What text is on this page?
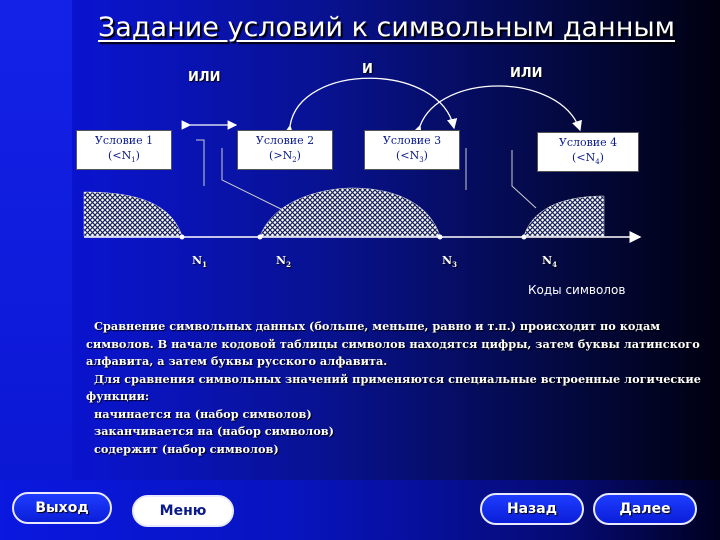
Задание условий к символьным данным
ИЛИ
И	ИЛИ
Условие 1
$(<N_1)$
Условие 2
$(>N_2)$
Условие 3
$(<N_3)$
Условие 4
$(<N_4)$
$N_1$	$N_2$	$N_3$	$N_4$
Коды символов

Сравнение символьных данных (больше, меньше, равно и т.п.) происходит по кодам символов. В начале кодовой таблицы символов находятся цифры, затем буквы латинского алфавита, а затем буквы русского алфавита.

Для сравнения символьных значений применяются специальные встроенные логические функции:

начинается на (набор символов)

заканчивается на (набор символов)

содержит (набор символов)

Выход	Меню	Назад	Далее
